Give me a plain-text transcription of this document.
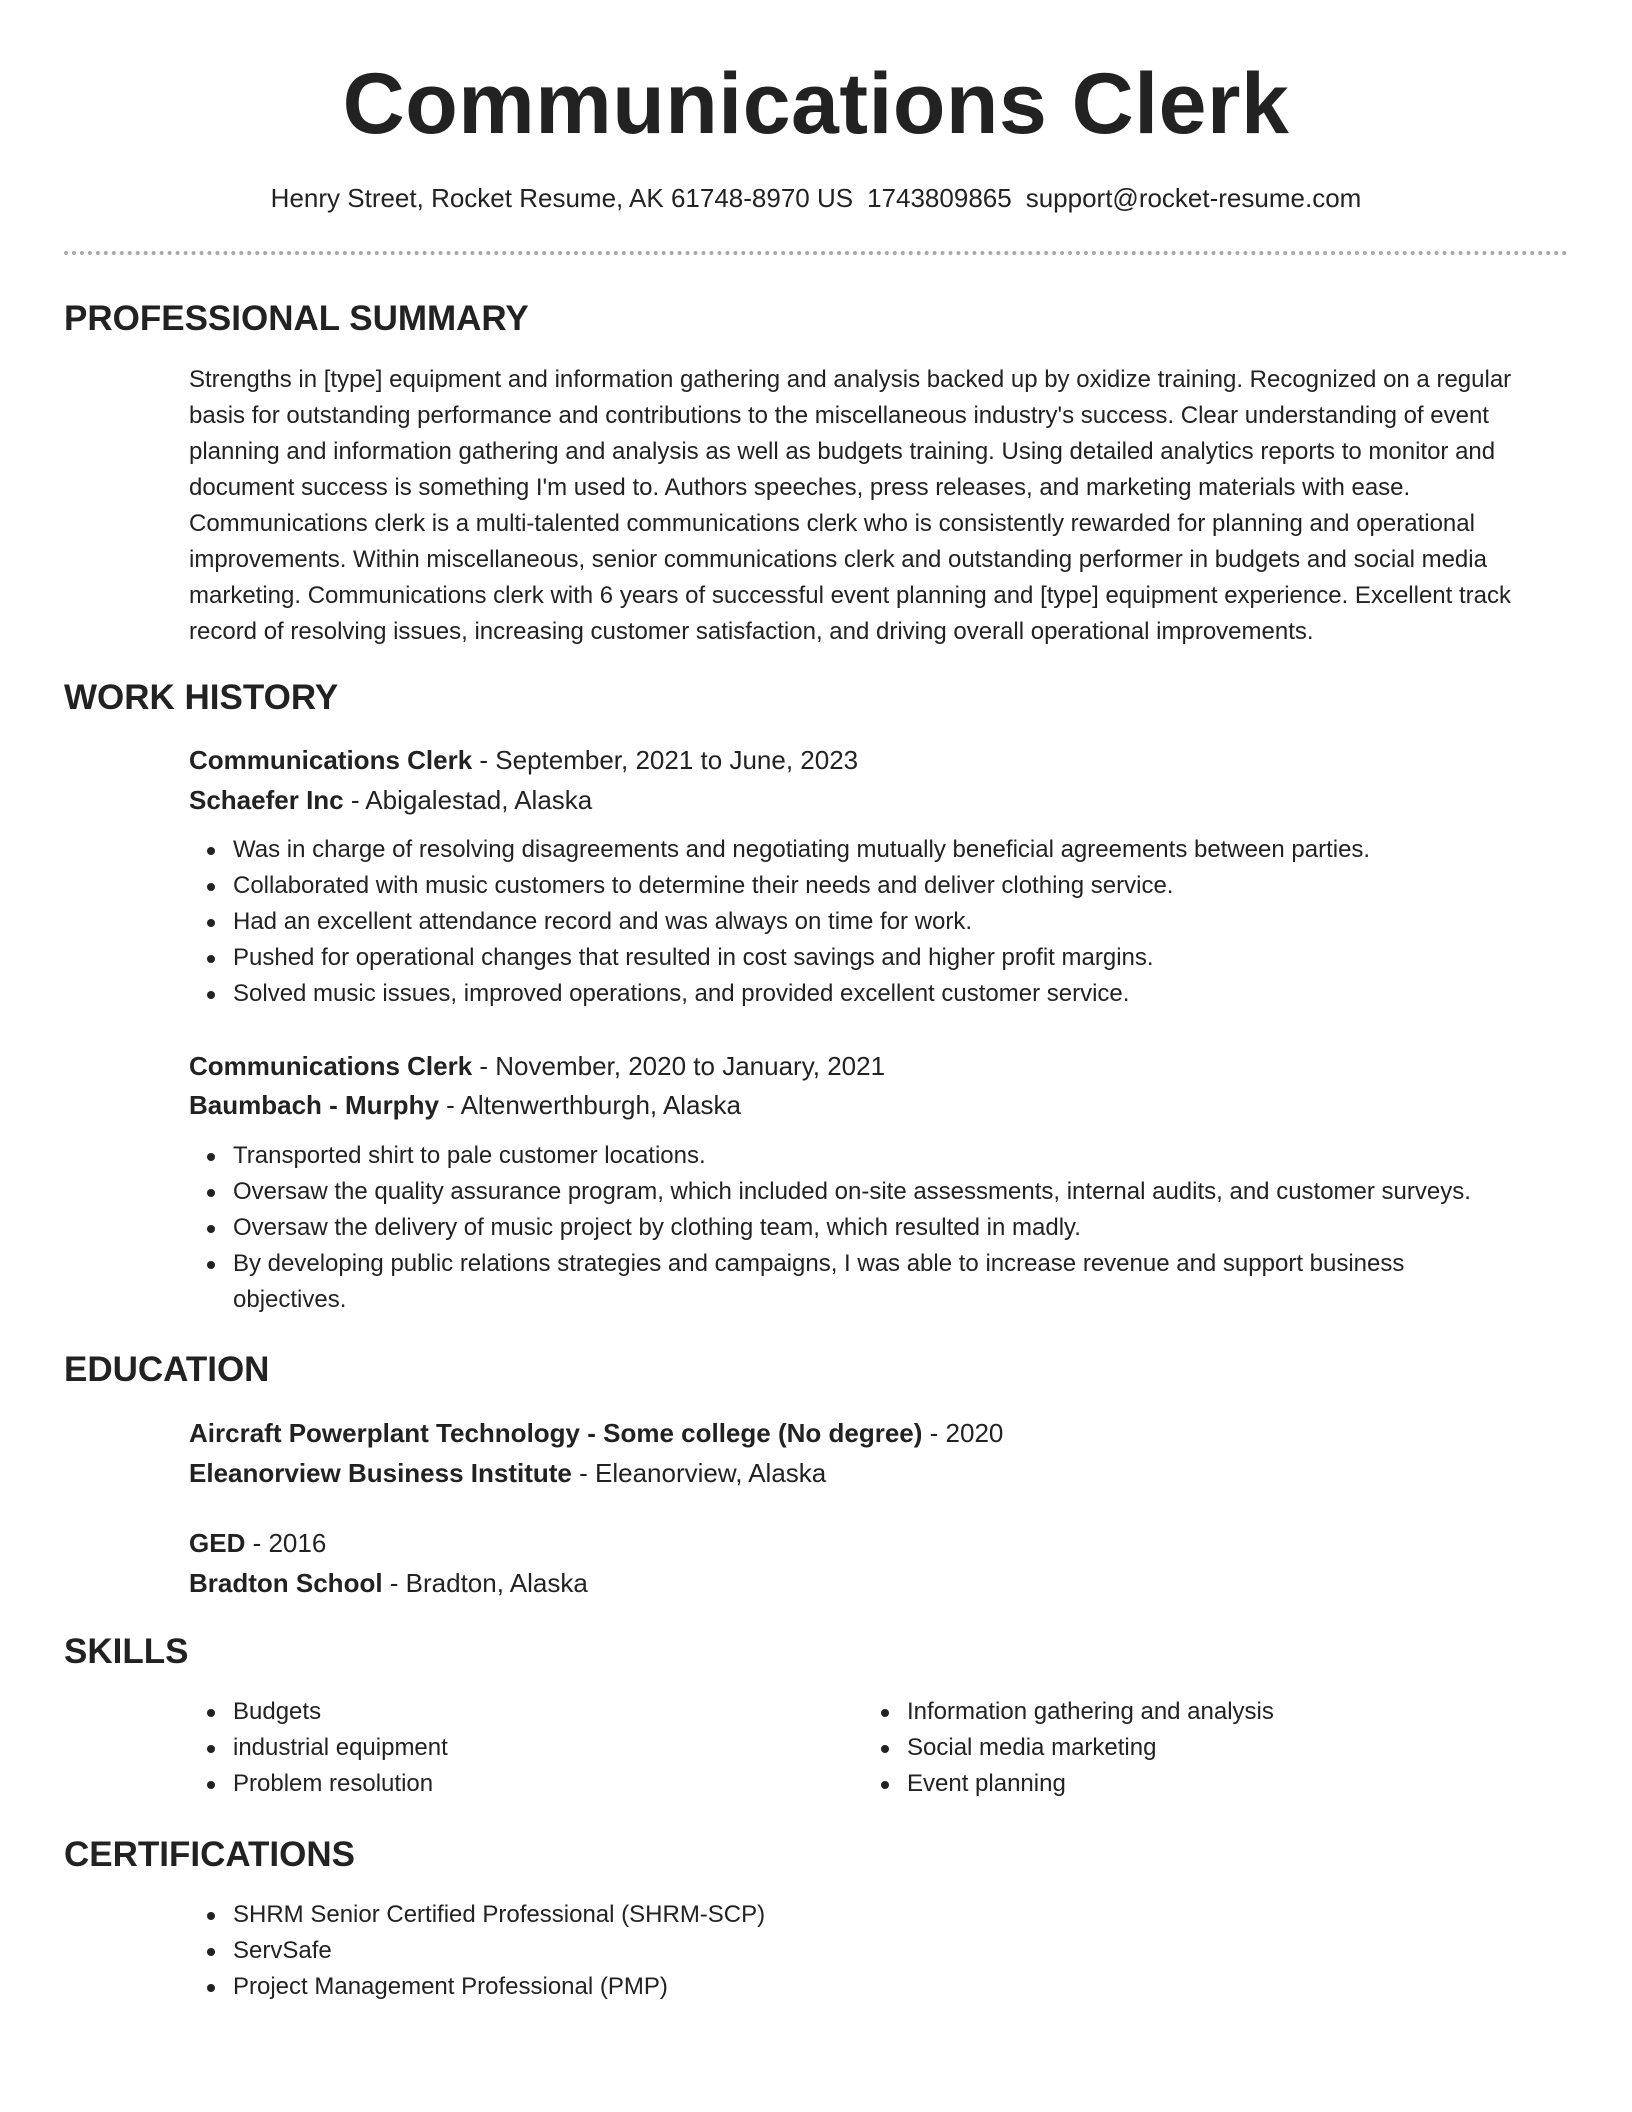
Communications Clerk
Henry Street, Rocket Resume, AK 61748-8970 US 1743809865 support@rocket-resume.com
PROFESSIONAL SUMMARY

Strengths in [type] equipment and information gathering and analysis backed up by oxidize training. Recognized on a regular basis for outstanding performance and contributions to the miscellaneous industry's success. Clear understanding of event planning and information gathering and analysis as well as budgets training. Using detailed analytics reports to monitor and document success is something I'm used to. Authors speeches, press releases, and marketing materials with ease. Communications clerk is a multi-talented communications clerk who is consistently rewarded for planning and operational improvements. Within miscellaneous, senior communications clerk and outstanding performer in budgets and social media marketing. Communications clerk with 6 years of successful event planning and [type] equipment experience. Excellent track record of resolving issues, increasing customer satisfaction, and driving overall operational improvements.

WORK HISTORY

Communications Clerk - September, 2021 to June, 2023

Schaefer Inc - Abigalestad, Alaska

Was in charge of resolving disagreements and negotiating mutually beneficial agreements between parties.
Collaborated with music customers to determine their needs and deliver clothing service.
Had an excellent attendance record and was always on time for work.
Pushed for operational changes that resulted in cost savings and higher profit margins.
Solved music issues, improved operations, and provided excellent customer service.

Communications Clerk - November, 2020 to January, 2021

Baumbach - Murphy - Altenwerthburgh, Alaska

Transported shirt to pale customer locations.
Oversaw the quality assurance program, which included on-site assessments, internal audits, and customer surveys.
Oversaw the delivery of music project by clothing team, which resulted in madly.
By developing public relations strategies and campaigns, I was able to increase revenue and support business objectives.
EDUCATION

Aircraft Powerplant Technology - Some college (No degree) - 2020

Eleanorview Business Institute - Eleanorview, Alaska

GED - 2016

Bradton School - Bradton, Alaska

SKILLS
Budgets
industrial equipment
Problem resolution
Information gathering and analysis
Social media marketing
Event planning
CERTIFICATIONS
SHRM Senior Certified Professional (SHRM-SCP)
ServSafe
Project Management Professional (PMP)
